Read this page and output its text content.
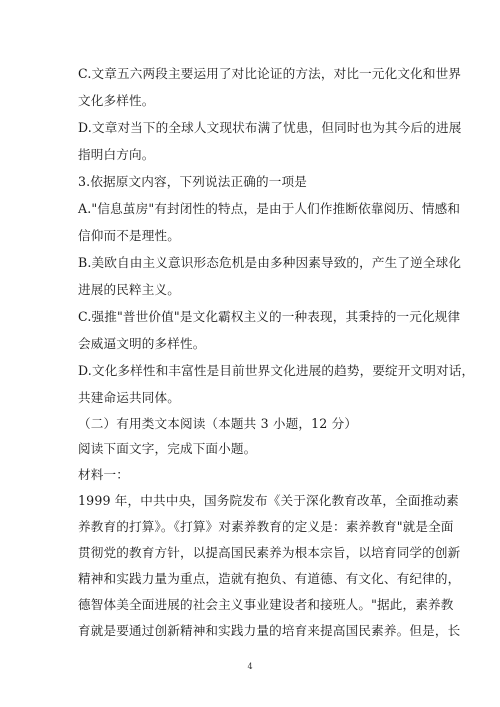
C.文章五六两段主要运用了对比论证的方法，对比一元化文化和世界
文化多样性。
D.文章对当下的全球人文现状布满了忧患，但同时也为其今后的进展
指明白方向。
3.依据原文内容，下列说法正确的一项是
A."信息茧房"有封闭性的特点，是由于人们作推断依靠阅历、情感和
信仰而不是理性。
B.美欧自由主义意识形态危机是由多种因素导致的，产生了逆全球化
进展的民粹主义。
C.强推"普世价值"是文化霸权主义的一种表现，其秉持的一元化规律
会威逼文明的多样性。
D.文化多样性和丰富性是目前世界文化进展的趋势，要绽开文明对话，
共建命运共同体。
（二）有用类文本阅读（本题共 3 小题，12 分）
阅读下面文字，完成下面小题。
材料一：
1999 年，中共中央，国务院发布《关于深化教育改革，全面推动素
养教育的打算》。《打算》对素养教育的定义是：素养教育"就是全面
贯彻党的教育方针，以提高国民素养为根本宗旨，以培育同学的创新
精神和实践力量为重点，造就有抱负、有道德、有文化、有纪律的，
德智体美全面进展的社会主义事业建设者和接班人。"据此，素养教
育就是要通过创新精神和实践力量的培育来提高国民素养。但是，长
4
